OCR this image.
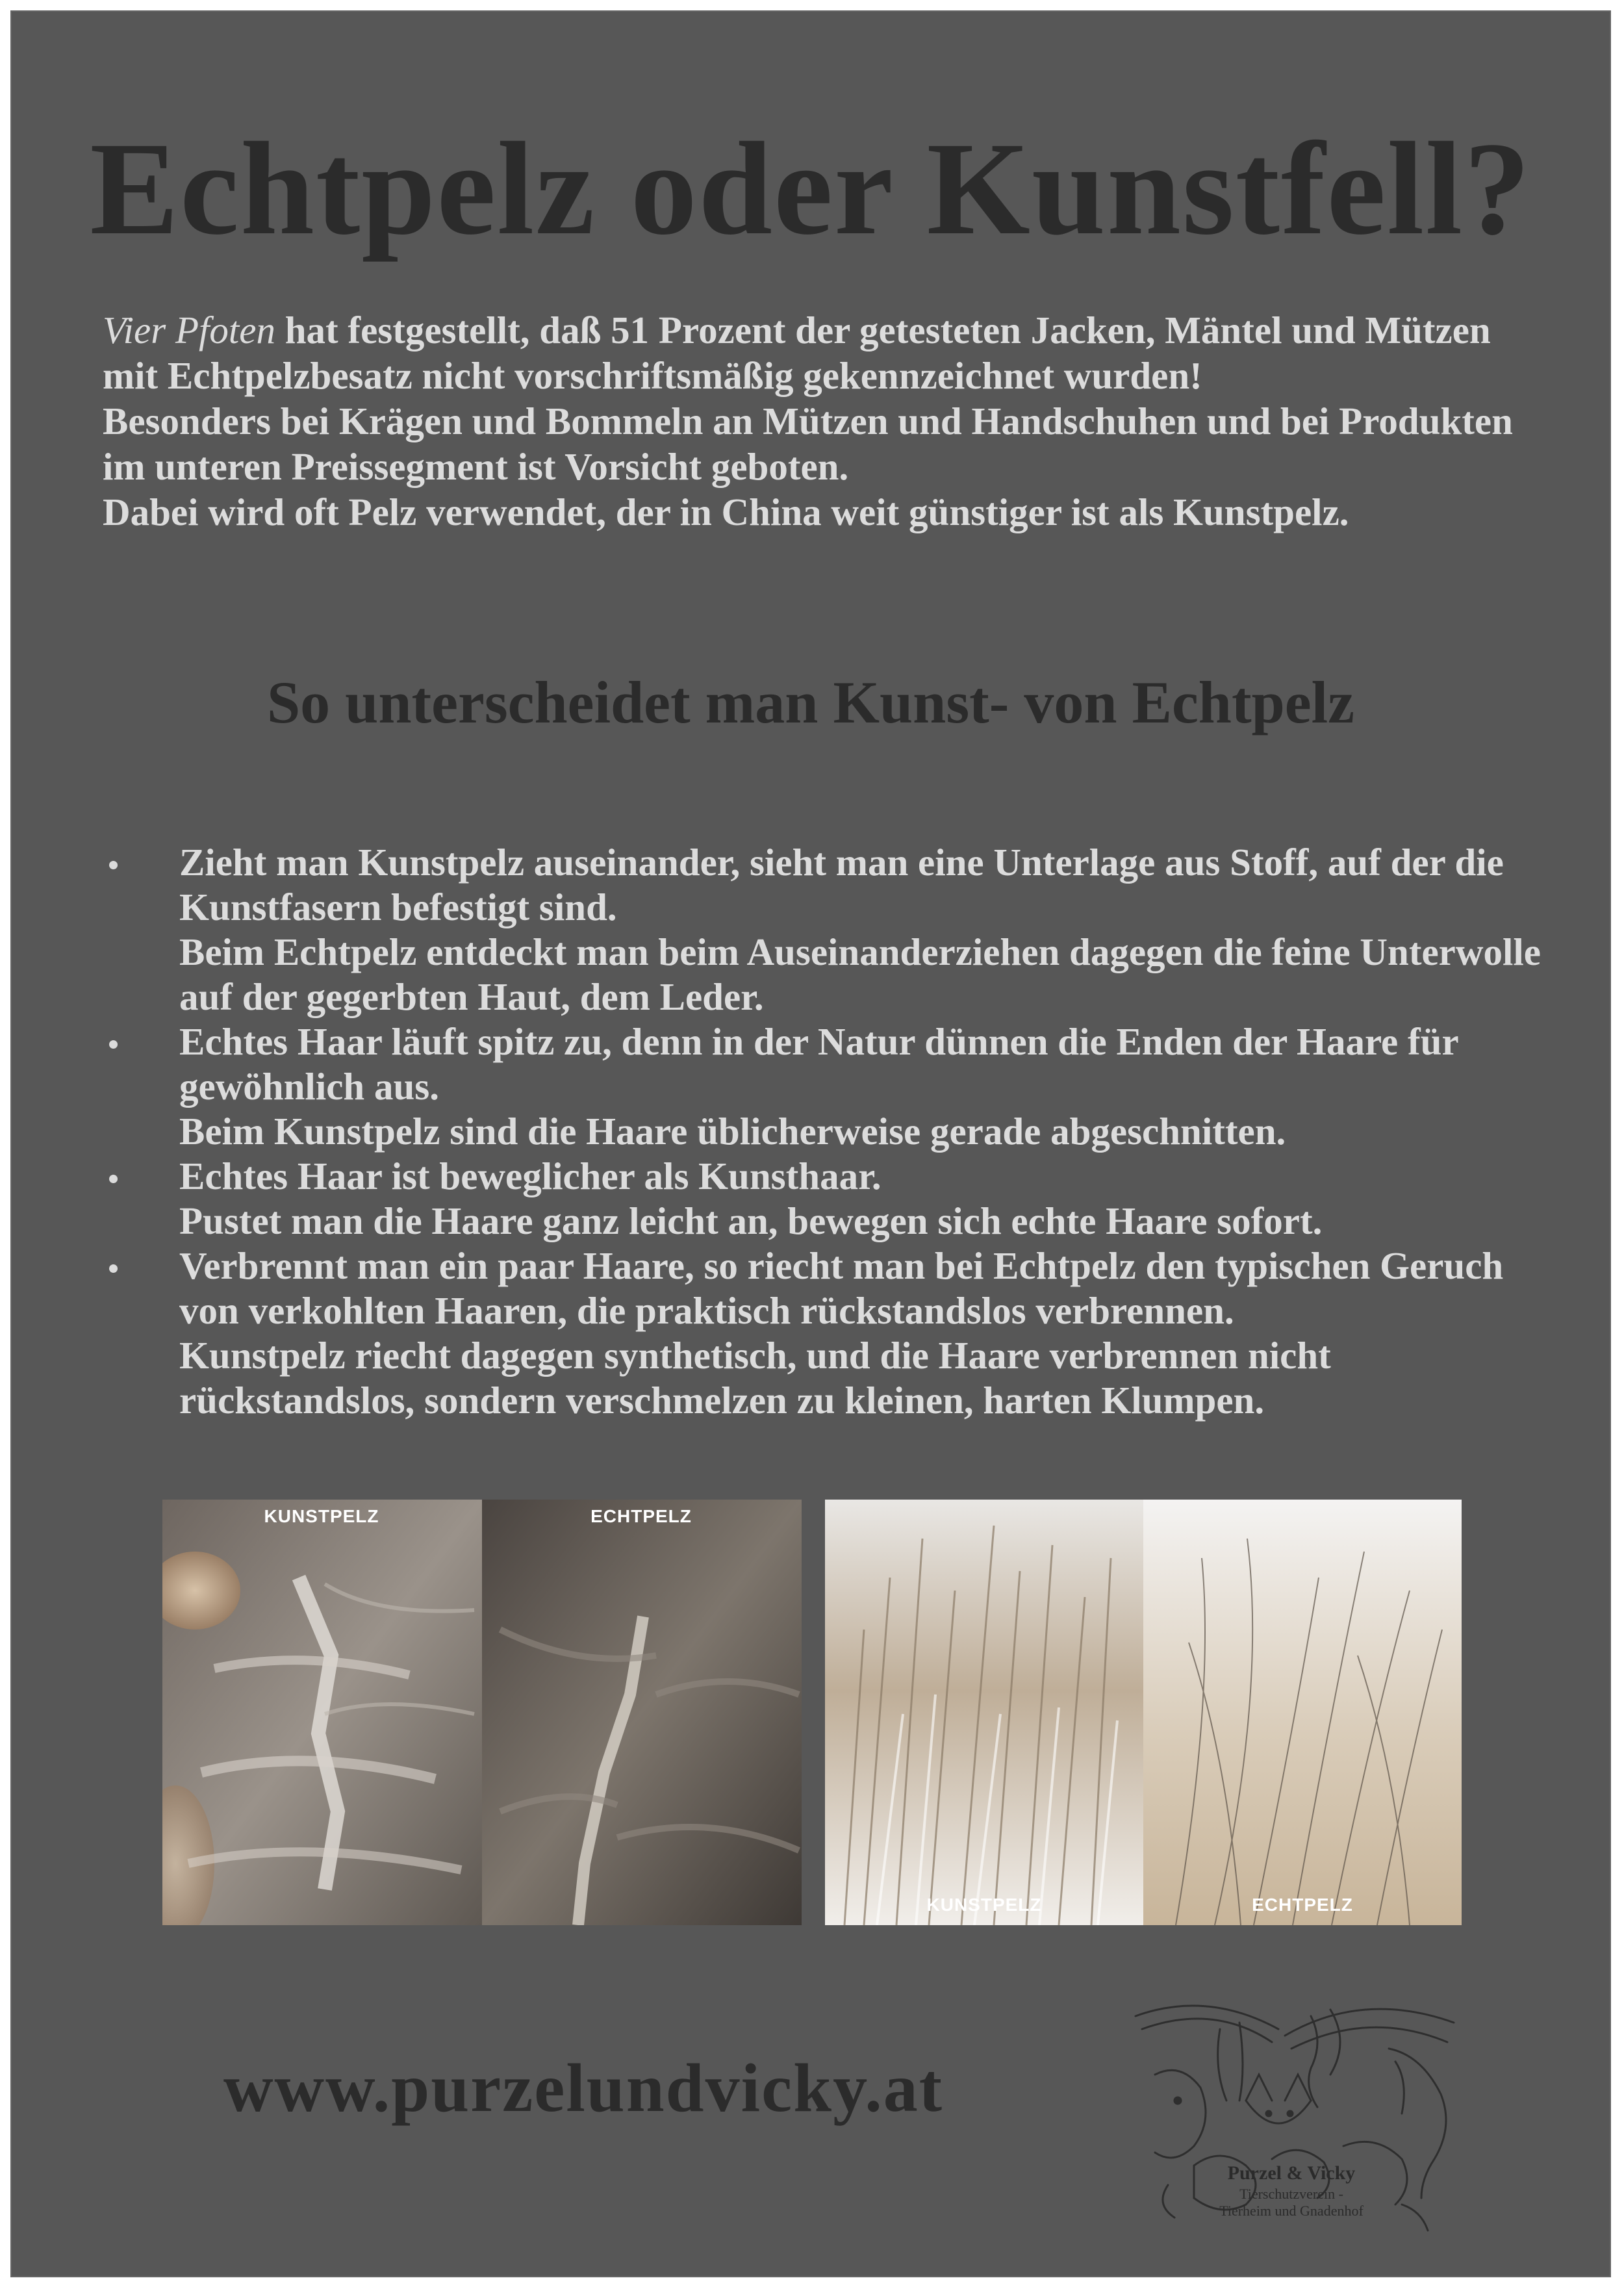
Echtpelz oder Kunstfell?

Vier Pfoten hat festgestellt, daß 51 Prozent der getesteten Jacken, Mäntel und Mützen mit Echtpelzbesatz nicht vorschriftsmäßig gekennzeichnet wurden!

Besonders bei Krägen und Bommeln an Mützen und Handschuhen und bei Produkten im unteren Preissegment ist Vorsicht geboten.

Dabei wird oft Pelz verwendet, der in China weit günstiger ist als Kunstpelz.

So unterscheidet man Kunst- von Echtpelz

Zieht man Kunstpelz auseinander, sieht man eine Unterlage aus Stoff, auf der die Kunstfasern befestigt sind.

Beim Echtpelz entdeckt man beim Auseinanderziehen dagegen die feine Unterwolle auf der gegerbten Haut, dem Leder.

Echtes Haar läuft spitz zu, denn in der Natur dünnen die Enden der Haare für gewöhnlich aus.

Beim Kunstpelz sind die Haare üblicherweise gerade abgeschnitten.

Echtes Haar ist beweglicher als Kunsthaar.

Pustet man die Haare ganz leicht an, bewegen sich echte Haare sofort.

Verbrennt man ein paar Haare, so riecht man bei Echtpelz den typischen Geruch von verkohlten Haaren, die praktisch rückstandslos verbrennen.

Kunstpelz riecht dagegen synthetisch, und die Haare verbrennen nicht rückstandslos, sondern verschmelzen zu kleinen, harten Klumpen.

KUNSTPELZ	ECHTPELZ
KUNSTPELZ	ECHTPELZ
www.purzelundvicky.at
Purzel & Vicky
Tierschutzverein -
Tierheim und Gnadenhof
